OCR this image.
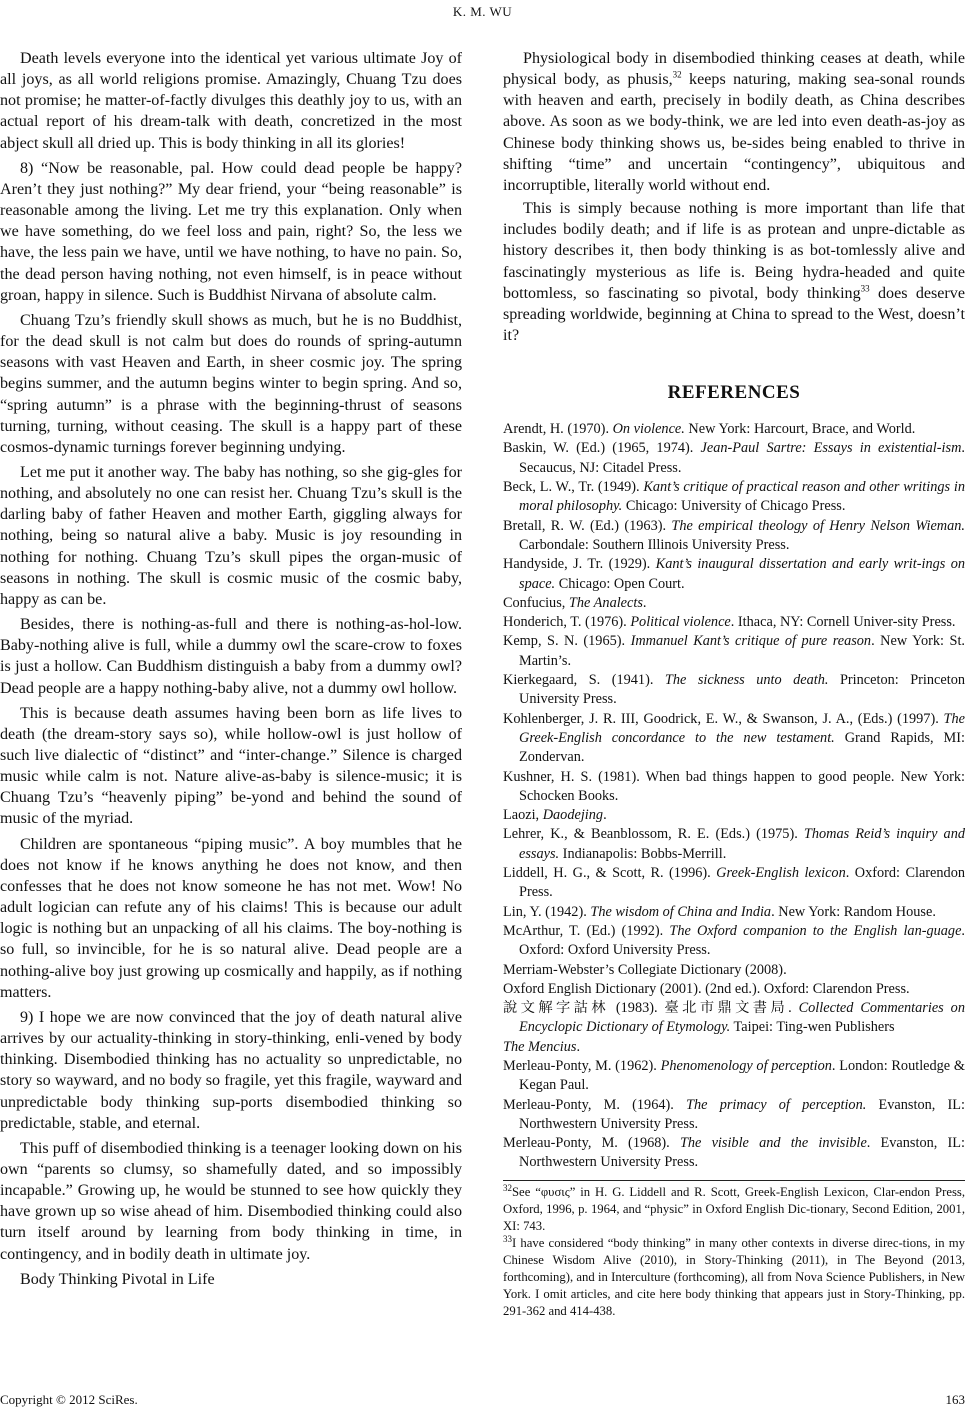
K. M. WU

Death levels everyone into the identical yet various ultimate Joy of all joys, as all world religions promise. Amazingly, Chuang Tzu does not promise; he matter-of-factly divulges this deathly joy to us, with an actual report of his dream-talk with death, concretized in the most abject skull all dried up. This is body thinking in all its glories!

8) “Now be reasonable, pal. How could dead people be happy? Aren’t they just nothing?” My dear friend, your “being reasonable” is reasonable among the living. Let me try this explanation. Only when we have something, do we feel loss and pain, right? So, the less we have, the less pain we have, until we have nothing, to have no pain. So, the dead person having nothing, not even himself, is in peace without groan, happy in silence. Such is Buddhist Nirvana of absolute calm.

Chuang Tzu’s friendly skull shows as much, but he is no Buddhist, for the dead skull is not calm but does do rounds of spring-autumn seasons with vast Heaven and Earth, in sheer cosmic joy. The spring begins summer, and the autumn begins winter to begin spring. And so, “spring autumn” is a phrase with the beginning-thrust of seasons turning, turning, without ceasing. The skull is a happy part of these cosmos-dynamic turnings forever beginning undying.

Let me put it another way. The baby has nothing, so she gig-gles for nothing, and absolutely no one can resist her. Chuang Tzu’s skull is the darling baby of father Heaven and mother Earth, giggling always for nothing, being so natural alive a baby. Music is joy resounding in nothing for nothing. Chuang Tzu’s skull pipes the organ-music of seasons in nothing. The skull is cosmic music of the cosmic baby, happy as can be.

Besides, there is nothing-as-full and there is nothing-as-hol-low. Baby-nothing alive is full, while a dummy owl the scare-crow to foxes is just a hollow. Can Buddhism distinguish a baby from a dummy owl? Dead people are a happy nothing-baby alive, not a dummy owl hollow.

This is because death assumes having been born as life lives to death (the dream-story says so), while hollow-owl is just hollow of such live dialectic of “distinct” and “inter-change.” Silence is charged music while calm is not. Nature alive-as-baby is silence-music; it is Chuang Tzu’s “heavenly piping” be-yond and behind the sound of music of the myriad.

Children are spontaneous “piping music”. A boy mumbles that he does not know if he knows anything he does not know, and then confesses that he does not know someone he has not met. Wow! No adult logician can refute any of his claims! This is because our adult logic is nothing but an unpacking of all his claims. The boy-nothing is so full, so invincible, for he is so natural alive. Dead people are a nothing-alive boy just growing up cosmically and happily, as if nothing matters.

9) I hope we are now convinced that the joy of death natural alive arrives by our actuality-thinking in story-thinking, enli-vened by body thinking. Disembodied thinking has no actuality so unpredictable, no story so wayward, and no body so fragile, yet this fragile, wayward and unpredictable body thinking sup-ports disembodied thinking so predictable, stable, and eternal.

This puff of disembodied thinking is a teenager looking down on his own “parents so clumsy, so shamefully dated, and so impossibly incapable.” Growing up, he would be stunned to see how quickly they have grown up so wise ahead of him. Disembodied thinking could also turn itself around by learning from body thinking in time, in contingency, and in bodily death in ultimate joy.

Body Thinking Pivotal in Life

Physiological body in disembodied thinking ceases at death, while physical body, as phusis,$^{32}$ keeps naturing, making sea-sonal rounds with heaven and earth, precisely in bodily death, as China describes above. As soon as we body-think, we are led into even death-as-joy as Chinese body thinking shows us, be-sides being enabled to thrive in shifting “time” and uncertain “contingency”, ubiquitous and incorruptible, literally world without end.

This is simply because nothing is more important than life that includes bodily death; and if life is as protean and unpre-dictable as history describes it, then body thinking is as bot-tomlessly alive and fascinatingly mysterious as life is. Being hydra-headed and quite bottomless, so fascinating so pivotal, body thinking$^{33}$ does deserve spreading worldwide, beginning at China to spread to the West, doesn’t it?

REFERENCES
Arendt, H. (1970). On violence. New York: Harcourt, Brace, and World.
Baskin, W. (Ed.) (1965, 1974). Jean-Paul Sartre: Essays in existential-ism. Secaucus, NJ: Citadel Press.
Beck, L. W., Tr. (1949). Kant’s critique of practical reason and other writings in moral philosophy. Chicago: University of Chicago Press.
Bretall, R. W. (Ed.) (1963). The empirical theology of Henry Nelson Wieman. Carbondale: Southern Illinois University Press.
Handyside, J. Tr. (1929). Kant’s inaugural dissertation and early writ-ings on space. Chicago: Open Court.
Confucius, The Analects.
Honderich, T. (1976). Political violence. Ithaca, NY: Cornell Univer-sity Press.
Kemp, S. N. (1965). Immanuel Kant’s critique of pure reason. New York: St. Martin’s.
Kierkegaard, S. (1941). The sickness unto death. Princeton: Princeton University Press.
Kohlenberger, J. R. III, Goodrick, E. W., & Swanson, J. A., (Eds.) (1997). The Greek-English concordance to the new testament. Grand Rapids, MI: Zondervan.
Kushner, H. S. (1981). When bad things happen to good people. New York: Schocken Books.
Laozi, Daodejing.
Lehrer, K., & Beanblossom, R. E. (Eds.) (1975). Thomas Reid’s inquiry and essays. Indianapolis: Bobbs-Merrill.
Liddell, H. G., & Scott, R. (1996). Greek-English lexicon. Oxford: Clarendon Press.
Lin, Y. (1942). The wisdom of China and India. New York: Random House.
McArthur, T. (Ed.) (1992). The Oxford companion to the English lan-guage. Oxford: Oxford University Press.
Merriam-Webster’s Collegiate Dictionary (2008).
Oxford English Dictionary (2001). (2nd ed.). Oxford: Clarendon Press.
說文解字詁林 (1983). 臺北市鼎文書局. Collected Commentaries on Encyclopic Dictionary of Etymology. Taipei: Ting-wen Publishers
The Mencius.
Merleau-Ponty, M. (1962). Phenomenology of perception. London: Routledge & Kegan Paul.
Merleau-Ponty, M. (1964). The primacy of perception. Evanston, IL: Northwestern University Press.
Merleau-Ponty, M. (1968). The visible and the invisible. Evanston, IL: Northwestern University Press.
$^{32}$See “φυσις” in H. G. Liddell and R. Scott, Greek-English Lexicon, Clar-endon Press, Oxford, 1996, p. 1964, and “physic” in Oxford English Dic-tionary, Second Edition, 2001, XI: 743.
$^{33}$I have considered “body thinking” in many other contexts in diverse direc-tions, in my Chinese Wisdom Alive (2010), in Story-Thinking (2011), in The Beyond (2013, forthcoming), and in Interculture (forthcoming), all from Nova Science Publishers, in New York. I omit articles, and cite here body thinking that appears just in Story-Thinking, pp. 291-362 and 414-438.
Copyright © 2012 SciRes.	163
